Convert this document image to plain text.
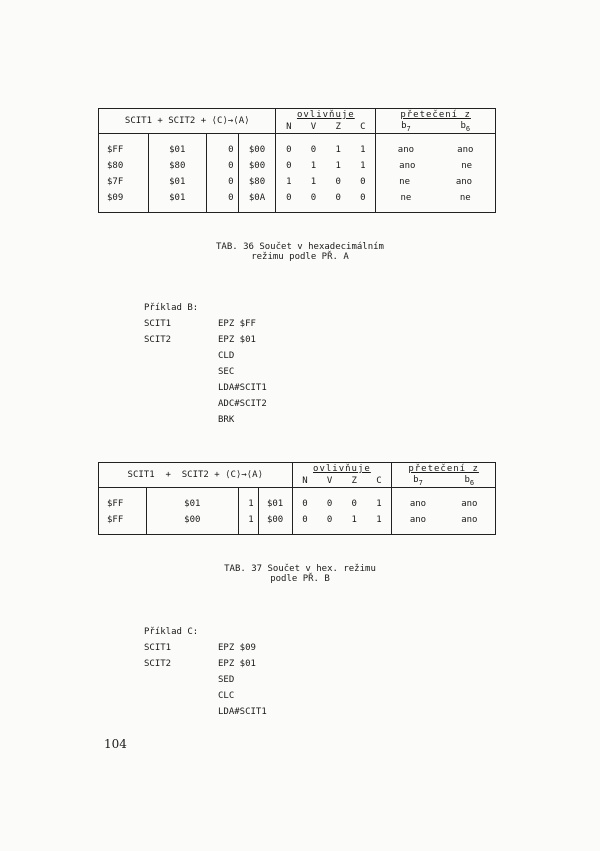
SCIT1 + SCIT2 + ⟨C⟩→⟨A⟩				ovlivňuje	přetečení z

				N V Z C	$b_7$ $b_6$

$FF	$01	0	$00	0 0 1 1	ano ano

$80	$80	0	$00	0 1 1 1	ano ne

$7F	$01	0	$80	1 1 0 0	ne ano

$09	$01	0	$0A	0 0 0 0	ne ne
TAB. 36 Součet v hexadecimálním
režimu podle PŘ. A
Příklad B:
SCIT1	EPZ $FF
SCIT2	EPZ $01
CLD
SEC
LDA#SCIT1
ADC#SCIT2
BRK
SCIT1  +  SCIT2 + ⟨C⟩→⟨A⟩				ovlivňuje	přetečení z

				N V Z C	$b_7$ $b_6$

$FF	$01	1	$01	0 0 0 1	ano ano

$FF	$00	1	$00	0 0 1 1	ano ano
TAB. 37 Součet v hex. režimu
podle PŘ. B
Příklad C:
SCIT1	EPZ $09
SCIT2	EPZ $01
SED
CLC
LDA#SCIT1
104
